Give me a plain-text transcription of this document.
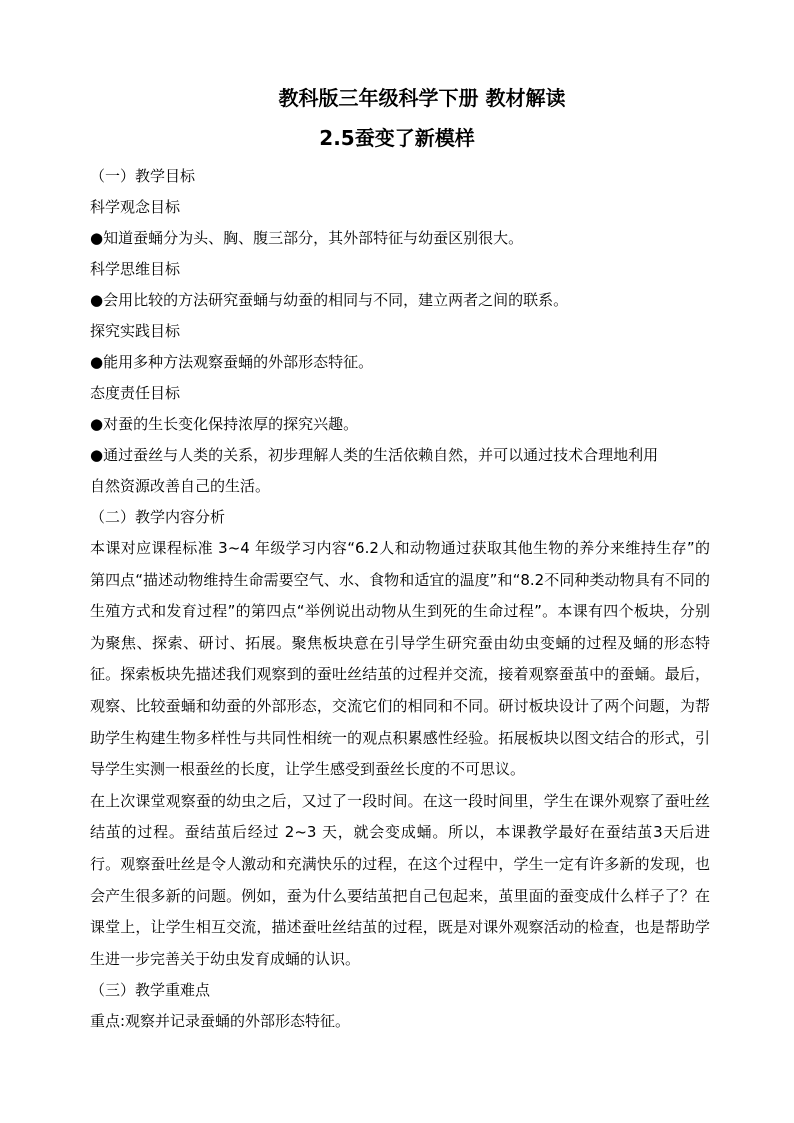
教科版三年级科学下册 教材解读
2.5蚕变了新模样
（一）教学目标
科学观念目标
●知道蚕蛹分为头、胸、腹三部分，其外部特征与幼蚕区别很大。
科学思维目标
●会用比较的方法研究蚕蛹与幼蚕的相同与不同，建立两者之间的联系。
探究实践目标
●能用多种方法观察蚕蛹的外部形态特征。
态度责任目标
●对蚕的生长变化保持浓厚的探究兴趣。
●通过蚕丝与人类的关系，初步理解人类的生活依赖自然，并可以通过技术合理地利用
自然资源改善自己的生活。
（二）教学内容分析
本课对应课程标准 3~4 年级学习内容“6.2人和动物通过获取其他生物的养分来维持生存”的第四点“描述动物维持生命需要空气、水、食物和适宜的温度”和“8.2不同种类动物具有不同的生殖方式和发育过程”的第四点“举例说出动物从生到死的生命过程”。本课有四个板块，分别为聚焦、探索、研讨、拓展。聚焦板块意在引导学生研究蚕由幼虫变蛹的过程及蛹的形态特征。探索板块先描述我们观察到的蚕吐丝结茧的过程并交流，接着观察蚕茧中的蚕蛹。最后，观察、比较蚕蛹和幼蚕的外部形态，交流它们的相同和不同。研讨板块设计了两个问题，为帮助学生构建生物多样性与共同性相统一的观点积累感性经验。拓展板块以图文结合的形式，引导学生实测一根蚕丝的长度，让学生感受到蚕丝长度的不可思议。
在上次课堂观察蚕的幼虫之后，又过了一段时间。在这一段时间里，学生在课外观察了蚕吐丝结茧的过程。蚕结茧后经过 2~3 天，就会变成蛹。所以，本课教学最好在蚕结茧3天后进行。观察蚕吐丝是令人激动和充满快乐的过程，在这个过程中，学生一定有许多新的发现，也会产生很多新的问题。例如，蚕为什么要结茧把自己包起来，茧里面的蚕变成什么样子了？在课堂上，让学生相互交流，描述蚕吐丝结茧的过程，既是对课外观察活动的检查，也是帮助学生进一步完善关于幼虫发育成蛹的认识。
（三）教学重难点
重点:观察并记录蚕蛹的外部形态特征。
